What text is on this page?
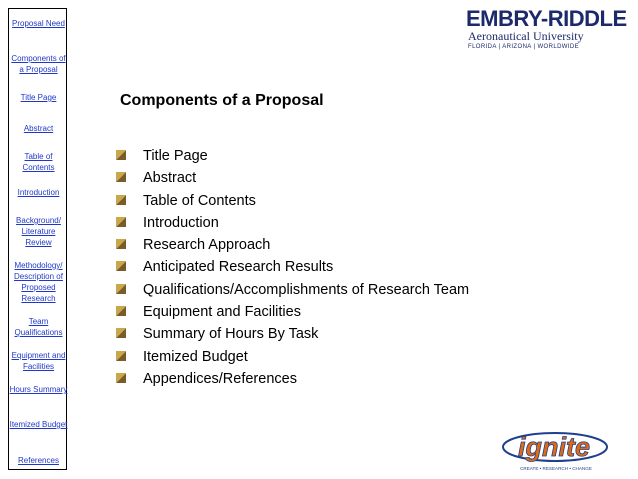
Proposal Need
Components of a Proposal
Title Page
Abstract
Table of Contents
Introduction
Background/ Literature Review
Methodology/ Description of Proposed Research
Team Qualifications
Equipment and Facilities
Hours Summary
Itemized Budget
References
EMBRY-RIDDLE
Aeronautical University
FLORIDA | ARIZONA | WORLDWIDE
Components of a Proposal
Title Page
Abstract
Table of Contents
Introduction
Research Approach
Anticipated Research Results
Qualifications/Accomplishments of Research Team
Equipment and Facilities
Summary of Hours By Task
Itemized Budget
Appendices/References
ignite
CREATE • RESEARCH • CHANGE
